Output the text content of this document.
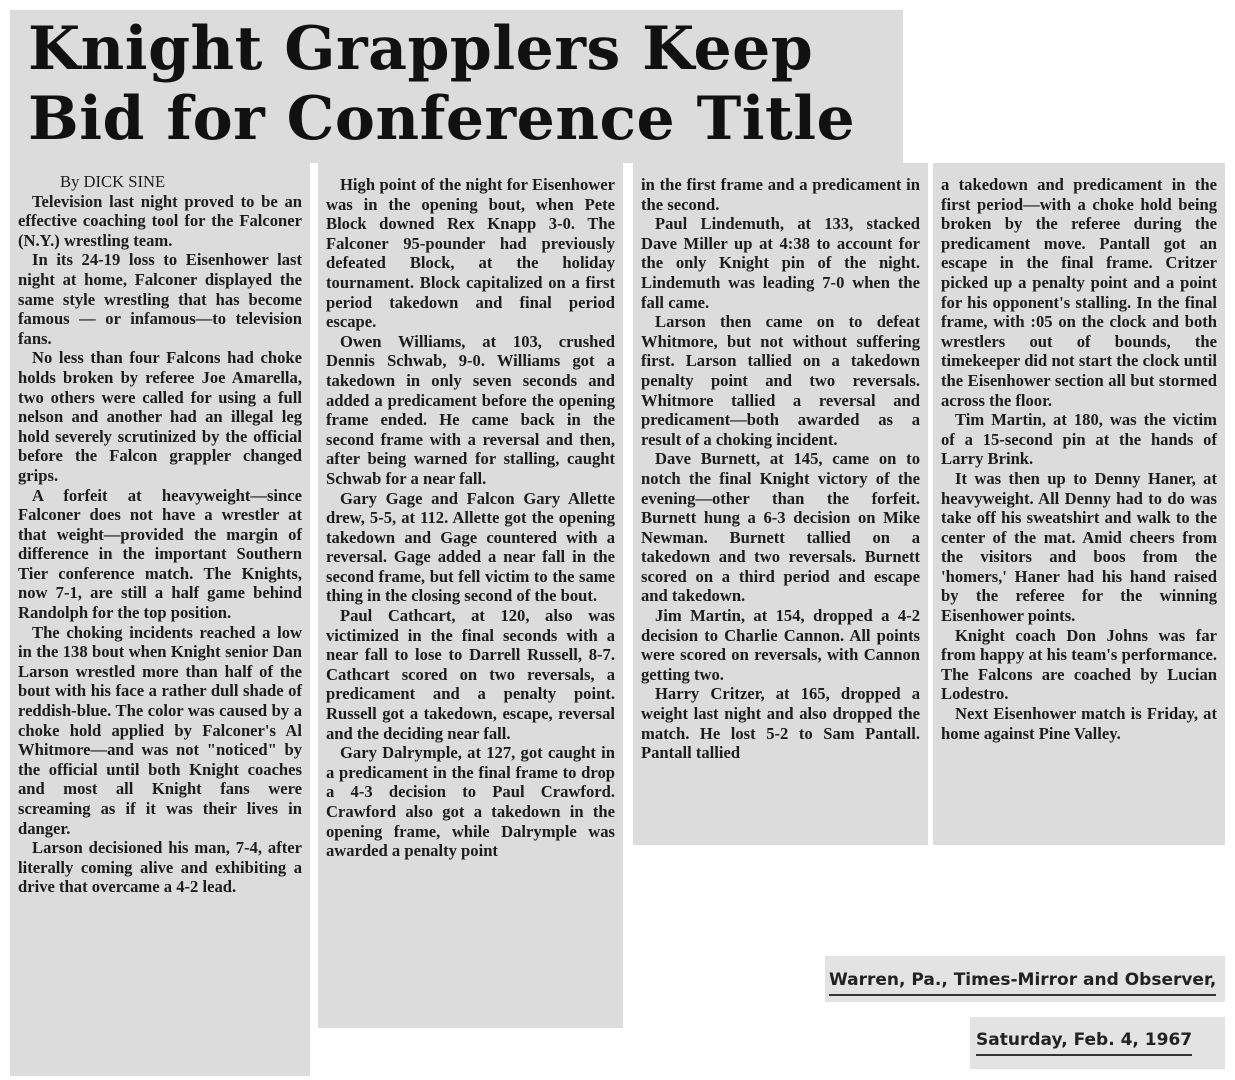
Knight Grapplers Keep
Bid for Conference Title
By DICK SINE

Television last night proved to be an effective coaching tool for the Falconer (N.Y.) wrestling team.

In its 24-19 loss to Eisenhower last night at home, Falconer displayed the same style wrestling that has become famous — or infamous—to television fans.

No less than four Falcons had choke holds broken by referee Joe Amarella, two others were called for using a full nelson and another had an illegal leg hold severely scrutinized by the official before the Falcon grappler changed grips.

A forfeit at heavyweight—since Falconer does not have a wrestler at that weight—provided the margin of difference in the important Southern Tier conference match. The Knights, now 7-1, are still a half game behind Randolph for the top position.

The choking incidents reached a low in the 138 bout when Knight senior Dan Larson wrestled more than half of the bout with his face a rather dull shade of reddish-blue. The color was caused by a choke hold applied by Falconer's Al Whitmore—and was not "noticed" by the official until both Knight coaches and most all Knight fans were screaming as if it was their lives in danger.

Larson decisioned his man, 7-4, after literally coming alive and exhibiting a drive that overcame a 4-2 lead.

High point of the night for Eisenhower was in the opening bout, when Pete Block downed Rex Knapp 3-0. The Falconer 95-pounder had previously defeated Block, at the holiday tournament. Block capitalized on a first period takedown and final period escape.

Owen Williams, at 103, crushed Dennis Schwab, 9-0. Williams got a takedown in only seven seconds and added a predicament before the opening frame ended. He came back in the second frame with a reversal and then, after being warned for stalling, caught Schwab for a near fall.

Gary Gage and Falcon Gary Allette drew, 5-5, at 112. Allette got the opening takedown and Gage countered with a reversal. Gage added a near fall in the second frame, but fell victim to the same thing in the closing second of the bout.

Paul Cathcart, at 120, also was victimized in the final seconds with a near fall to lose to Darrell Russell, 8-7. Cathcart scored on two reversals, a predicament and a penalty point. Russell got a takedown, escape, reversal and the deciding near fall.

Gary Dalrymple, at 127, got caught in a predicament in the final frame to drop a 4-3 decision to Paul Crawford. Crawford also got a takedown in the opening frame, while Dalrymple was awarded a penalty point

in the first frame and a predicament in the second.

Paul Lindemuth, at 133, stacked Dave Miller up at 4:38 to account for the only Knight pin of the night. Lindemuth was leading 7-0 when the fall came.

Larson then came on to defeat Whitmore, but not without suffering first. Larson tallied on a takedown penalty point and two reversals. Whitmore tallied a reversal and predicament—both awarded as a result of a choking incident.

Dave Burnett, at 145, came on to notch the final Knight victory of the evening—other than the forfeit. Burnett hung a 6-3 decision on Mike Newman. Burnett tallied on a takedown and two reversals. Burnett scored on a third period and escape and takedown.

Jim Martin, at 154, dropped a 4-2 decision to Charlie Cannon. All points were scored on reversals, with Cannon getting two.

Harry Critzer, at 165, dropped a weight last night and also dropped the match. He lost 5-2 to Sam Pantall. Pantall tallied

a takedown and predicament in the first period—with a choke hold being broken by the referee during the predicament move. Pantall got an escape in the final frame. Critzer picked up a penalty point and a point for his opponent's stalling. In the final frame, with :05 on the clock and both wrestlers out of bounds, the timekeeper did not start the clock until the Eisenhower section all but stormed across the floor.

Tim Martin, at 180, was the victim of a 15-second pin at the hands of Larry Brink.

It was then up to Denny Haner, at heavyweight. All Denny had to do was take off his sweatshirt and walk to the center of the mat. Amid cheers from the visitors and boos from the 'homers,' Haner had his hand raised by the referee for the winning Eisenhower points.

Knight coach Don Johns was far from happy at his team's performance. The Falcons are coached by Lucian Lodestro.

Next Eisenhower match is Friday, at home against Pine Valley.

Warren, Pa., Times-Mirror and Observer,
Saturday, Feb. 4, 1967
